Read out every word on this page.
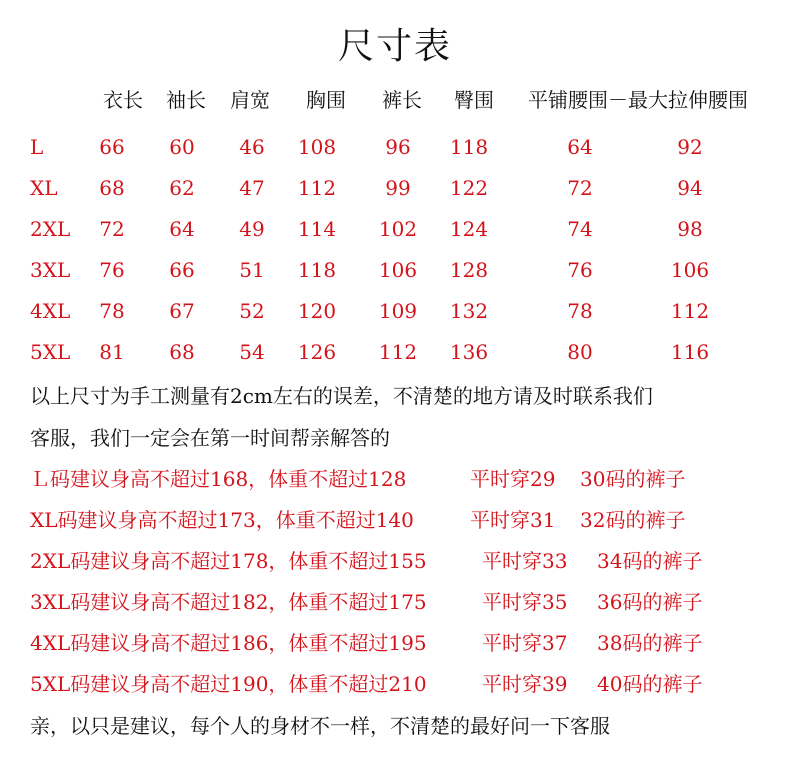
尺寸表
衣长 袖长 肩宽 胸围 裤长 臀围 平铺腰围－最大拉伸腰围
L	66 60 46 108 96 118	64	92
XL 68 62 47 112 99 122	72	94
2XL 72 64 49 114 102 124	74	98
3XL 76 66 51 118 106 128	76	106
4XL 78 67 52 120 109 132	78	112
5XL 81 68 54 126 112 136	80	116
以上尺寸为手工测量有2cm左右的误差，不清楚的地方请及时联系我们
客服，我们一定会在第一时间帮亲解答的
Ｌ码建议身高不超过168，体重不超过128	平时穿29 30码的裤子
XL码建议身高不超过173，体重不超过140	平时穿31 32码的裤子
2XL码建议身高不超过178，体重不超过155	平时穿33 34码的裤子
3XL码建议身高不超过182，体重不超过175	平时穿35 36码的裤子
4XL码建议身高不超过186，体重不超过195	平时穿37 38码的裤子
5XL码建议身高不超过190，体重不超过210	平时穿39 40码的裤子
亲，以只是建议，每个人的身材不一样，不清楚的最好问一下客服
